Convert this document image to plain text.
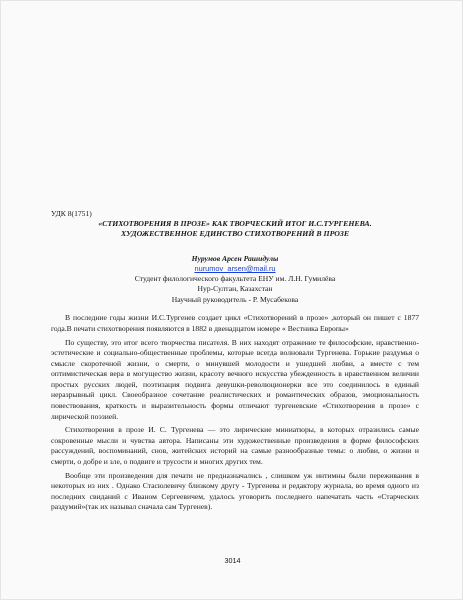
УДК 8(1751)

«СТИХОТВОРЕНИЯ В ПРОЗЕ» КАК ТВОРЧЕСКИЙ ИТОГ И.С.ТУРГЕНЕВА.
ХУДОЖЕСТВЕННОЕ ЕДИНСТВО СТИХОТВОРЕНИЙ В ПРОЗЕ

Нурумов Арсен Рашидулы

nurumov_arsen@mail.ru

Студент филологического факультета ЕНУ им. Л.Н. Гумилёва

Нур-Султан, Казахстан

Научный руководитель - Р. Мусабекова

В последние годы жизни И.С.Тургенев создает цикл «Стихотворений в прозе» ,который он пишет с 1877 года.В печати стихотворения появляются в 1882 в двенадцатом номере « Вестника Европы»

По существу, это итог всего творчества писателя. В них находят отражение те философские, нравственно-эстетические и социально-общественные проблемы, которые всегда волновали Тургенева. Горькие раздумья о смысле скоротечной жизни, о смерти, о минувшей молодости и ушедшей любви, а вместе с тем оптимистическая вера в могущество жизни, красоту вечного искусства убежденность в нравственном величии простых русских людей, поэтизация подвига девушки-революционерки все это соединилось в единый неразрывный цикл. Своеобразное сочетание реалистических и романтических образов, эмоциональность повествования, краткость и выразительность формы отличают тургеневские «Стихотворения в прозе» с лирической поэзией.

Стихотворения в прозе И. С. Тургенева — это лирические миниатюры, в которых отразились самые сокровенные мысли и чувства автора. Написаны эти художественные произведения в форме философских рассуждений, воспоминаний, снов, житейских историй на самые разнообразные темы: о любви, о жизни и смерти, о добре и зле, о подвиге и трусости и многих других тем.

Вообще эти произведения для печати не предназначались , слишком уж интимны были переживания в некоторых из них . Однако Стасюлевичу близкому другу - Тургенева и редактору журнала, во время одного из последних свиданий с Иваном Сергеевичем, удалось уговорить последнего напечатать часть «Старческих раздумий»(так их называл сначала сам Тургенев).

3014
